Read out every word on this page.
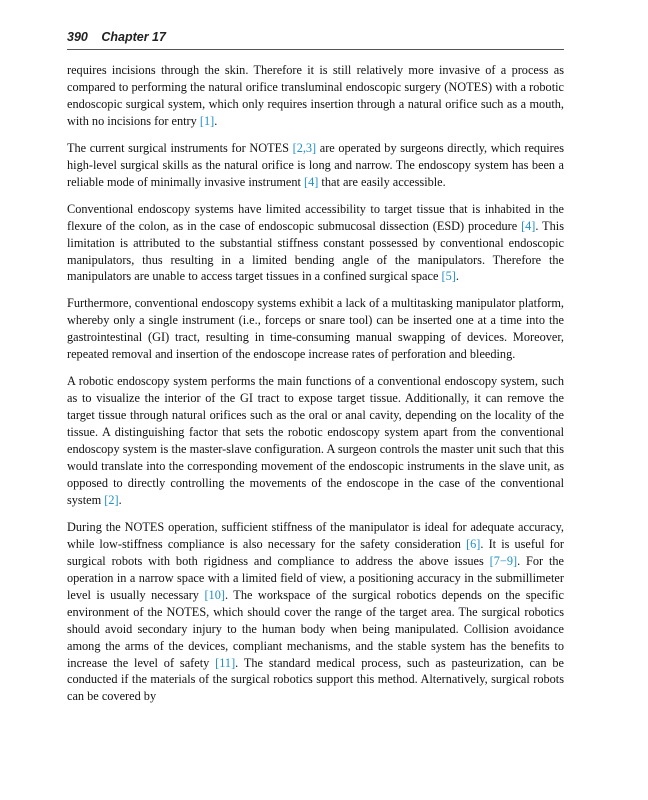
390 Chapter 17

requires incisions through the skin. Therefore it is still relatively more invasive of a process as compared to performing the natural orifice transluminal endoscopic surgery (NOTES) with a robotic endoscopic surgical system, which only requires insertion through a natural orifice such as a mouth, with no incisions for entry [1].

The current surgical instruments for NOTES [2,3] are operated by surgeons directly, which requires high-level surgical skills as the natural orifice is long and narrow. The endoscopy system has been a reliable mode of minimally invasive instrument [4] that are easily accessible.

Conventional endoscopy systems have limited accessibility to target tissue that is inhabited in the flexure of the colon, as in the case of endoscopic submucosal dissection (ESD) procedure [4]. This limitation is attributed to the substantial stiffness constant possessed by conventional endoscopic manipulators, thus resulting in a limited bending angle of the manipulators. Therefore the manipulators are unable to access target tissues in a confined surgical space [5].

Furthermore, conventional endoscopy systems exhibit a lack of a multitasking manipulator platform, whereby only a single instrument (i.e., forceps or snare tool) can be inserted one at a time into the gastrointestinal (GI) tract, resulting in time-consuming manual swapping of devices. Moreover, repeated removal and insertion of the endoscope increase rates of perforation and bleeding.

A robotic endoscopy system performs the main functions of a conventional endoscopy system, such as to visualize the interior of the GI tract to expose target tissue. Additionally, it can remove the target tissue through natural orifices such as the oral or anal cavity, depending on the locality of the tissue. A distinguishing factor that sets the robotic endoscopy system apart from the conventional endoscopy system is the master-slave configuration. A surgeon controls the master unit such that this would translate into the corresponding movement of the endoscopic instruments in the slave unit, as opposed to directly controlling the movements of the endoscope in the case of the conventional system [2].

During the NOTES operation, sufficient stiffness of the manipulator is ideal for adequate accuracy, while low-stiffness compliance is also necessary for the safety consideration [6]. It is useful for surgical robots with both rigidness and compliance to address the above issues [7−9]. For the operation in a narrow space with a limited field of view, a positioning accuracy in the submillimeter level is usually necessary [10]. The workspace of the surgical robotics depends on the specific environment of the NOTES, which should cover the range of the target area. The surgical robotics should avoid secondary injury to the human body when being manipulated. Collision avoidance among the arms of the devices, compliant mechanisms, and the stable system has the benefits to increase the level of safety [11]. The standard medical process, such as pasteurization, can be conducted if the materials of the surgical robotics support this method. Alternatively, surgical robots can be covered by
